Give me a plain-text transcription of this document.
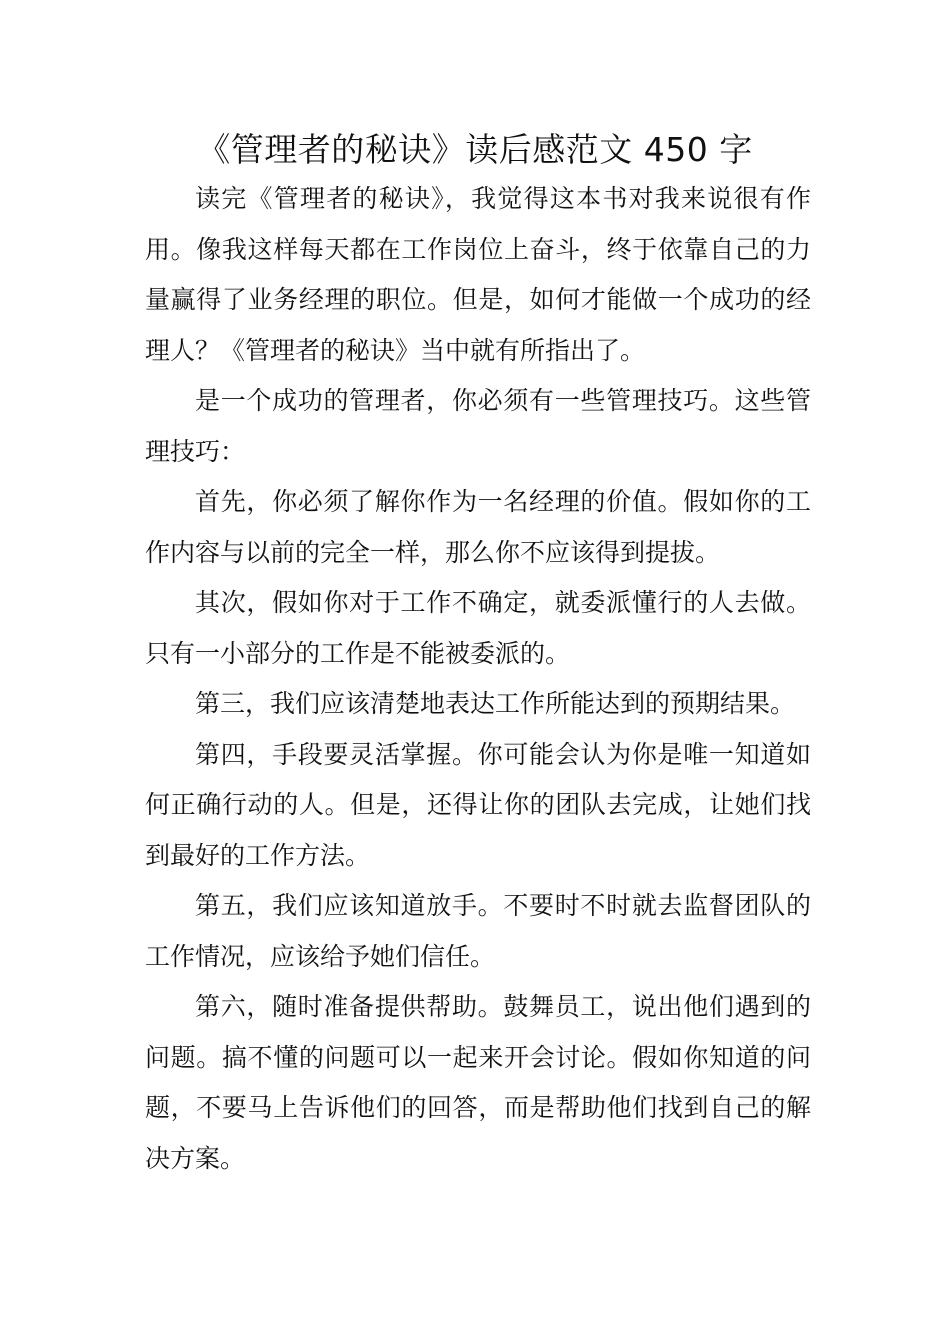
《管理者的秘诀》读后感范文 450 字

读完《管理者的秘诀》，我觉得这本书对我来说很有作用。像我这样每天都在工作岗位上奋斗，终于依靠自己的力量赢得了业务经理的职位。但是，如何才能做一个成功的经理人？《管理者的秘诀》当中就有所指出了。

是一个成功的管理者，你必须有一些管理技巧。这些管理技巧：

首先，你必须了解你作为一名经理的价值。假如你的工作内容与以前的完全一样，那么你不应该得到提拔。

其次，假如你对于工作不确定，就委派懂行的人去做。只有一小部分的工作是不能被委派的。

第三，我们应该清楚地表达工作所能达到的预期结果。

第四，手段要灵活掌握。你可能会认为你是唯一知道如何正确行动的人。但是，还得让你的团队去完成，让她们找到最好的工作方法。

第五，我们应该知道放手。不要时不时就去监督团队的工作情况，应该给予她们信任。

第六，随时准备提供帮助。鼓舞员工，说出他们遇到的问题。搞不懂的问题可以一起来开会讨论。假如你知道的问题，不要马上告诉他们的回答，而是帮助他们找到自己的解决方案。
